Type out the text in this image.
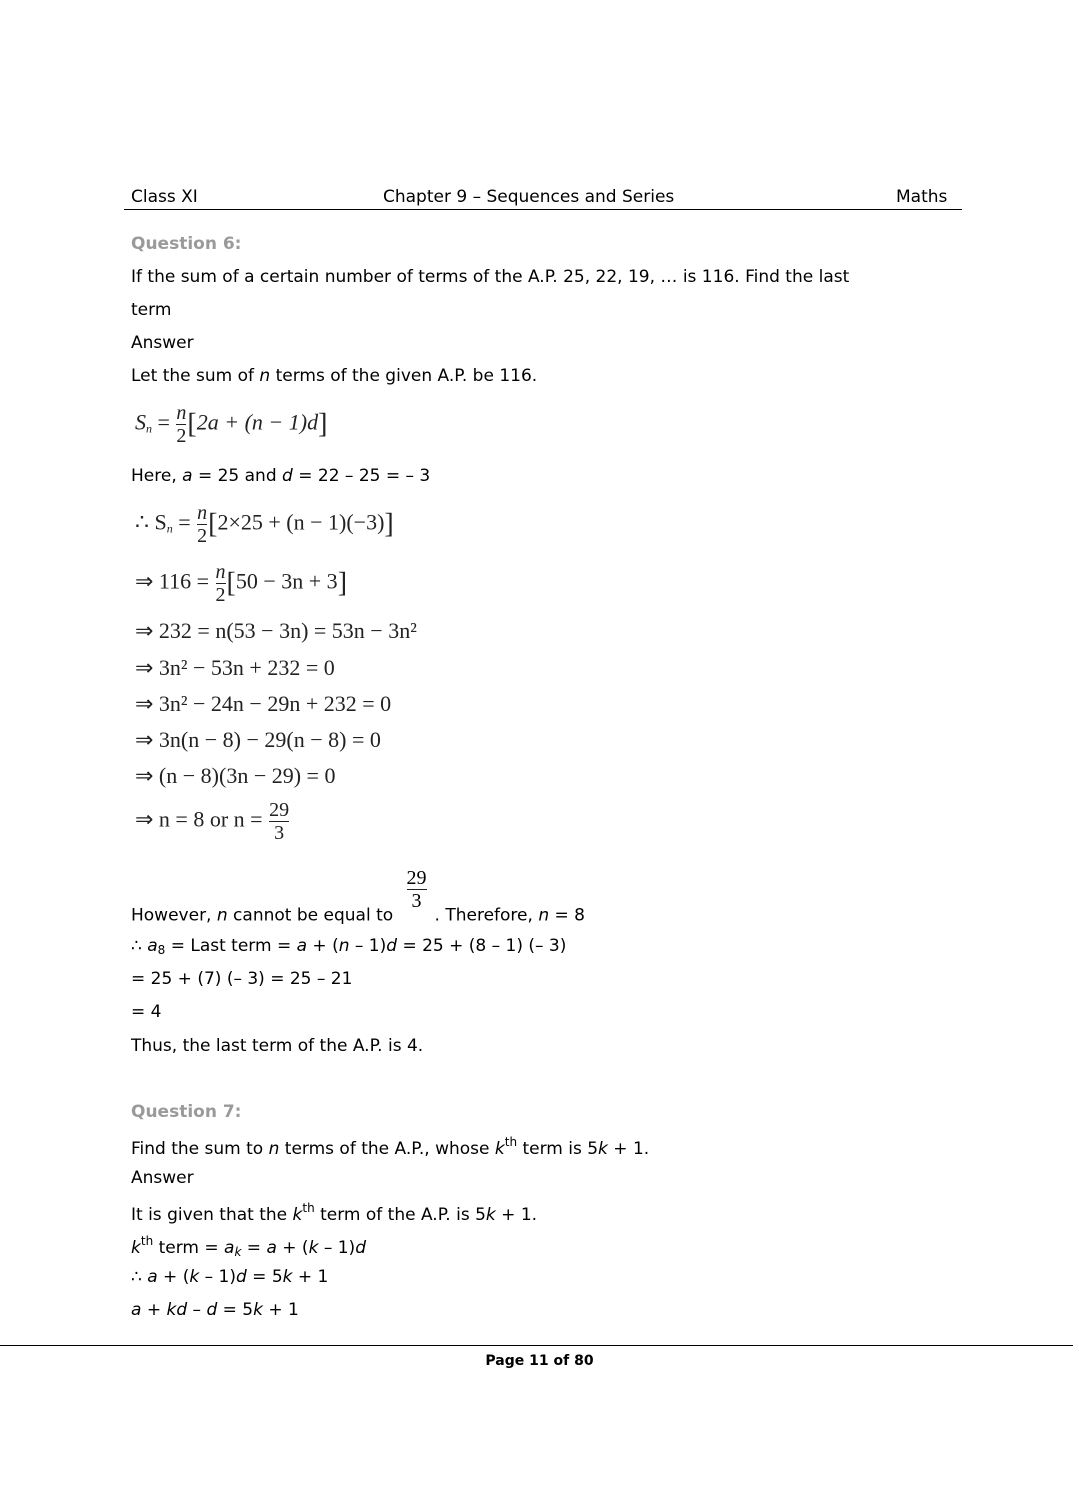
Class XI	Chapter 9 – Sequences and Series	Maths
Question 6:
If the sum of a certain number of terms of the A.P. 25, 22, 19, … is 116. Find the last
term
Answer
Let the sum of n terms of the given A.P. be 116.
$S_n = \frac{n}{2} [2a + (n - 1)d]$
Here, a = 25 and d = 22 – 25 = – 3
∴ $S_n = \frac{n}{2} [2\times 25 + (n - 1)(-3)]$
⇒ $116 = \frac{n}{2} [50 - 3n + 3]$
⇒ 232 = n(53 − 3n) = 53n − 3n²
⇒ 3n² − 53n + 232 = 0
⇒ 3n² − 24n − 29n + 232 = 0
⇒ 3n(n − 8) − 29(n − 8) = 0
⇒ (n − 8)(3n − 29) = 0
⇒ n = 8 or $n = \frac{29}{3}$
However, n cannot be equal to
$\frac{29}{3}$
. Therefore, n = 8
∴ $a_8$ = Last term = a + (n – 1)d = 25 + (8 – 1) (– 3)
= 25 + (7) (– 3) = 25 – 21
= 4
Thus, the last term of the A.P. is 4.
Question 7:
Find the sum to n terms of the A.P., whose $k^{th}$ term is 5k + 1.
Answer
It is given that the $k^{th}$ term of the A.P. is 5k + 1.
$k^{th}$ term = $a_k = a + (k - 1)d$
∴ a + (k – 1)d = 5k + 1
a + kd – d = 5k + 1
Page 11 of 80
